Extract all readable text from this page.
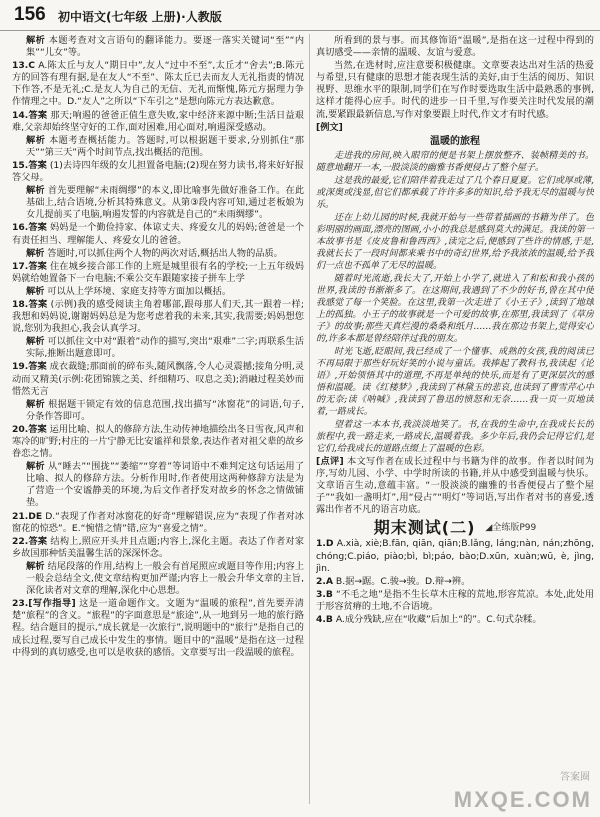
156 初中语文(七年级 上册)·人教版

解析 本题考查对文言语句的翻译能力。要逐一落实关键词“至”“内集”“儿女”等。

13.C A.陈太丘与友人“期日中”,友人“过中不至”,太丘才“舍去”;B.陈元方的回答有理有据,是在友人“不至”、陈太丘已去而友人无礼指责的情况下作答,不是无礼;C.是友人为自己的无信、无礼而惭愧,陈元方据理力争作情理之中。D.“友人”之所以“下车引之”是想向陈元方表达歉意。

14.答案 那天;响遏的爸爸正值生意失败,家中经济来源中断;生活日益艰难,父亲却始终坚守好的工作,面对困难,用心面对,响遏深受感动。

解析 本题考查概括能力。答题时,可以根据题干要求,分别抓住“那天”“第三天”两个时间节点,找出概括的范围。

15.答案 (1)去诗四年级的女儿担置备电脑;(2)现在努力读书,将来好好报答父母。

解析 首先要理解“未雨绸缪”的本义,即比喻事先做好准备工作。在此基础上,结合语境,分析其特殊意义。从第③段内容可知,通过老板娘为女儿提前买了电脑,响遏发誓的内容就是自己的“未雨绸缪”。

16.答案 妈妈是一个勤俭持家、体谅丈夫、疼爱女儿的妈妈;爸爸是一个有责任担当、理解能人、疼爱女儿的爸爸。

解析 答题时,可以抓住两个人物的两次对话,概括出人物的品质。

17.答案 住在城乡接合部工作的上班是城里很有名的学校;一上五年级妈妈就给她置备下一台电脑;不乘公交车跟随家接子拼车上学

解析 可以从上学环境、家庭支持等方面加以概括。

18.答案 (示例)我的感受阅读主角着哪部,跟母那人们天,其一跟着一样;我想和妈妈说,谢谢妈妈总是为您考虑着我的未来,其实,我需要;妈妈想您说,您别为我担心,我会认真学习。

解析 可以抓住文中对“跟着”动作的描写,突出“艰难”二字;再联系生活实际,推断出题意即可。

19.答案 成衣裁缝;那面前的碎布头,随风飘落,令人心灵震撼;接角分明,灵动而又精美(示例:花团锦簇之美、纤细精巧、叹息之美);消融过程美妙而惜然无言

解析 根据题干锁定有效的信息范围,找出描写“冰窗花”的词语,句子,分条作答即可。

20.答案 运用比喻、拟人的修辞方法,生动传神地描绘出冬日雪夜,风声和寒冷的旷野;村庄的一片宁静无比安谧祥和景象,表达作者对祖父辈的故乡眷恋之情。

解析 从“睡去”“围拢”“萎缩”“穿着”等词语中不难判定这句话运用了比喻、拟人的修辞方法。分析作用时,作者使用这两种修辞方法是为了营造一个安谧静美的环境,为后文作者抒发对故乡的怀念之情做铺垫。

21.DE D.“表现了作者对冰窗花的好奇”理解错误,应为“表现了作者对冰窗花的惊恐”。E.“惋惜之情”错,应为“喜爱之情”。

22.答案 结构上,照应开头并且点题;内容上,深化主题。表达了作者对家乡故国那种恬美温馨生活的深深怀念。

解析 结尾段落的作用,结构上一般会有首尾照应或题目等作用;内容上一般会总结全文,使文章结构更加严谨;内容上一般会升华文章的主旨,深化读者对文章的理解,深化中心思想。

23.[写作指导] 这是一道命题作文。文题为“温暖的旅程”,首先要弄清楚“旅程”的含义。“旅程”的字面意思是“旅途”,从一地到另一地的旅行路程。结合题目的提示,“成长就是一次旅行”,说明题中的“旅行”是指自己的成长过程,要写自己成长中发生的事情。题目中的“温暖”是指在这一过程中得到的真切感受,也可以是收获的感悟。文章要写出一段温暖的旅程。

所看到的景与事。而其修饰语“温暖”,是指在这一过程中得到的真切感受——亲情的温暖、友谊与爱意。

当然,在选材时,应注意要积极健康。文章要表达出对生活的热爱与希望,只有健康的思想才能表现生活的美好,由于生活的阅历、知识视野、思维水平的限制,同学们在写作时要选取生活中最熟悉的事例,这样才能得心应手。时代的进步一日千里,写作要关注时代发展的潮流,要紧跟最新信息,写作对象要跟上时代,作文才有时代感。

[例文]

温暖的旅程

走进我的房间,映入眼帘的便是书架上摆放整齐、装帧精美的书。随意地翻开一本,一股淡淡的幽雅书香便侵占了整个屋子。

这是我的最爱,它们陪伴着我走过了几个春日夏夏。它们或厚或薄,或深奥或浅显,但它们都承载了许许多多的知识,给予我无尽的温暖与快乐。

还在上幼儿园的时候,我就开始与一些带着插画的书籍为伴了。色彩明丽的画面,漂亮的图画,小小的我总是感到莫大的满足。我读的第一本故事书是《皮皮鲁和鲁西西》,读完之后,便感到了些许的情感,于是,我就长长了一段时间都来乘书中的奇幻世界,给予我浓浓的温暖,给予我们一点也不孤单了无尽的温暖。

随着时光流逝,我长大了,开始上小学了,就进入了和松和我小孩的世界,我读的书渐渐多了。在这期间,我遇到了不少的好书,曾在其中使我感觉了每一个笑脸。在这里,我第一次走进了《小王子》,读到了地球上的孤独。小王子的故事就是一个可爱的故事,在那里,我读到了《草房子》的故事;那些天真烂漫的桑桑和纸月……我在那边书架上,觉得安心的,许多本都是曾经陪伴过我的朋友。

时光飞逝,眨眼间,我已经成了一个懂事、成熟的女孩,我的阅读已不再局限于那些好玩好笑的小说与童话。我捧起了教科书,我读起《论语》,开始领悟其中的道理,不再是单纯的快乐,而是有了更深层次的感悟和温暖。读《红楼梦》,我读到了林黛玉的悲哀,也读到了曹雪芹心中的无奈;读《呐喊》,我读到了鲁迅的愤怒和无奈……我一页一页地读着,一路成长。

望着这一本本书,我淡淡地笑了。书,在我的生命中,在我成长长的旅程中,我一路走来,一路成长,温暖着我。多少年后,我仍会记得它们,是它们,给我成长的道路点缀上了温暖的色彩。

[点评] 本文写作者在成长过程中与书籍为伴的故事。作者以时间为序,写幼儿园、小学、中学时所读的书籍,并从中感受到温暖与快乐。文章语言生动,意蕴丰富。“一股淡淡的幽雅的书香便侵占了整个屋子”“我如一盏明灯”,用“侵占”“明灯”等词语,写出作者对书的喜爱,透露出作者不凡的语言功底。

期末测试(二) ◢全练版P99

1.D A.xià, xiè;B.fān, qiān, qiān;B.lǎng, láng;nàn, nán;zhōng, chóng;C.piáo, piào;bì, bì;páo, bào;D.xūn, xuàn;wū, è, jìng, jìn.

2.A B.据→踞。C.骏→骏。D.辩→辨。

3.B “不毛之地”是指不生长草木庄稼的荒地,形容荒凉。本处,此处用于形容贫瘠的土地,不合语境。

4.B A.成分残缺,应在“收藏”后加上“的”。C.句式杂糅。

答案圈
MXQE.COM
